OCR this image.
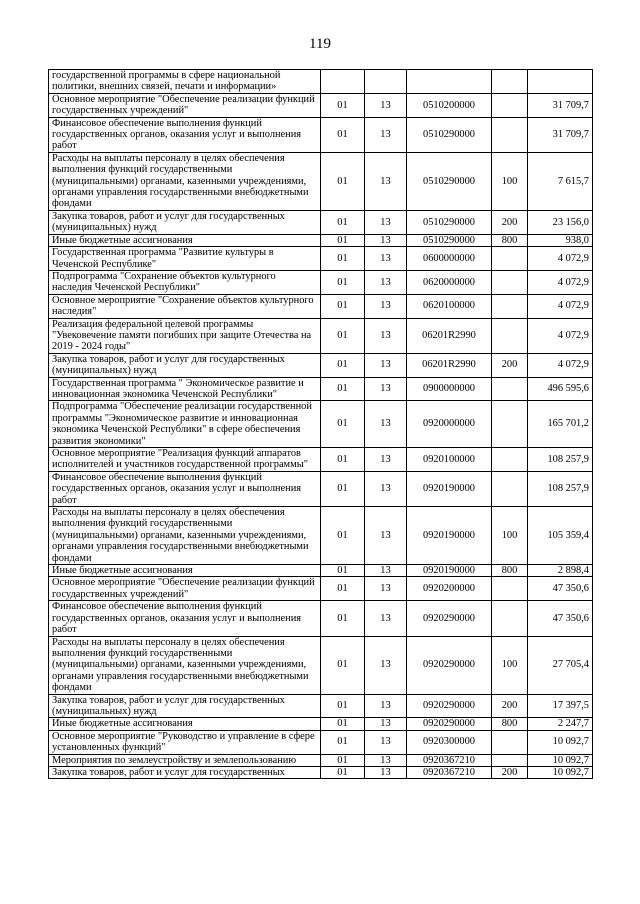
119
государственной программы в сфере национальной политики, внешних связей, печати и информации»					
Основное мероприятие "Обеспечение реализации функций государственных учреждений"	01	13	0510200000		31 709,7
Финансовое обеспечение выполнения функций государственных органов, оказания услуг и выполнения работ	01	13	0510290000		31 709,7
Расходы на выплаты персоналу в целях обеспечения выполнения функций государственными (муниципальными) органами, казенными учреждениями, органами управления государственными внебюджетными фондами	01	13	0510290000	100	7 615,7
Закупка товаров, работ и услуг для государственных (муниципальных) нужд	01	13	0510290000	200	23 156,0
Иные бюджетные ассигнования	01	13	0510290000	800	938,0
Государственная программа "Развитие культуры в Чеченской Республике"	01	13	0600000000		4 072,9
Подпрограмма "Сохранение объектов культурного наследия Чеченской Республики"	01	13	0620000000		4 072,9
Основное мероприятие "Сохранение объектов культурного наследия"	01	13	0620100000		4 072,9
Реализация федеральной целевой программы "Увековечение памяти погибших при защите Отечества на 2019 - 2024 годы"	01	13	06201R2990		4 072,9
Закупка товаров, работ и услуг для государственных (муниципальных) нужд	01	13	06201R2990	200	4 072,9
Государственная программа " Экономическое развитие и инновационная экономика Чеченской Республики"	01	13	0900000000		496 595,6
Подпрограмма "Обеспечение реализации государственной программы "Экономическое развитие и инновационная экономика Чеченской Республики" в сфере обеспечения развития экономики"	01	13	0920000000		165 701,2
Основное мероприятие "Реализация функций аппаратов исполнителей и участников государственной программы"	01	13	0920100000		108 257,9
Финансовое обеспечение выполнения функций государственных органов, оказания услуг и выполнения работ	01	13	0920190000		108 257,9
Расходы на выплаты персоналу в целях обеспечения выполнения функций государственными (муниципальными) органами, казенными учреждениями, органами управления государственными внебюджетными фондами	01	13	0920190000	100	105 359,4
Иные бюджетные ассигнования	01	13	0920190000	800	2 898,4
Основное мероприятие "Обеспечение реализации функций государственных учреждений"	01	13	0920200000		47 350,6
Финансовое обеспечение выполнения функций государственных органов, оказания услуг и выполнения работ	01	13	0920290000		47 350,6
Расходы на выплаты персоналу в целях обеспечения выполнения функций государственными (муниципальными) органами, казенными учреждениями, органами управления государственными внебюджетными фондами	01	13	0920290000	100	27 705,4
Закупка товаров, работ и услуг для государственных (муниципальных) нужд	01	13	0920290000	200	17 397,5
Иные бюджетные ассигнования	01	13	0920290000	800	2 247,7
Основное мероприятие "Руководство и управление в сфере установленных функций"	01	13	0920300000		10 092,7
Мероприятия по землеустройству и землепользованию	01	13	0920367210		10 092,7
Закупка товаров, работ и услуг для государственных	01	13	0920367210	200	10 092,7
